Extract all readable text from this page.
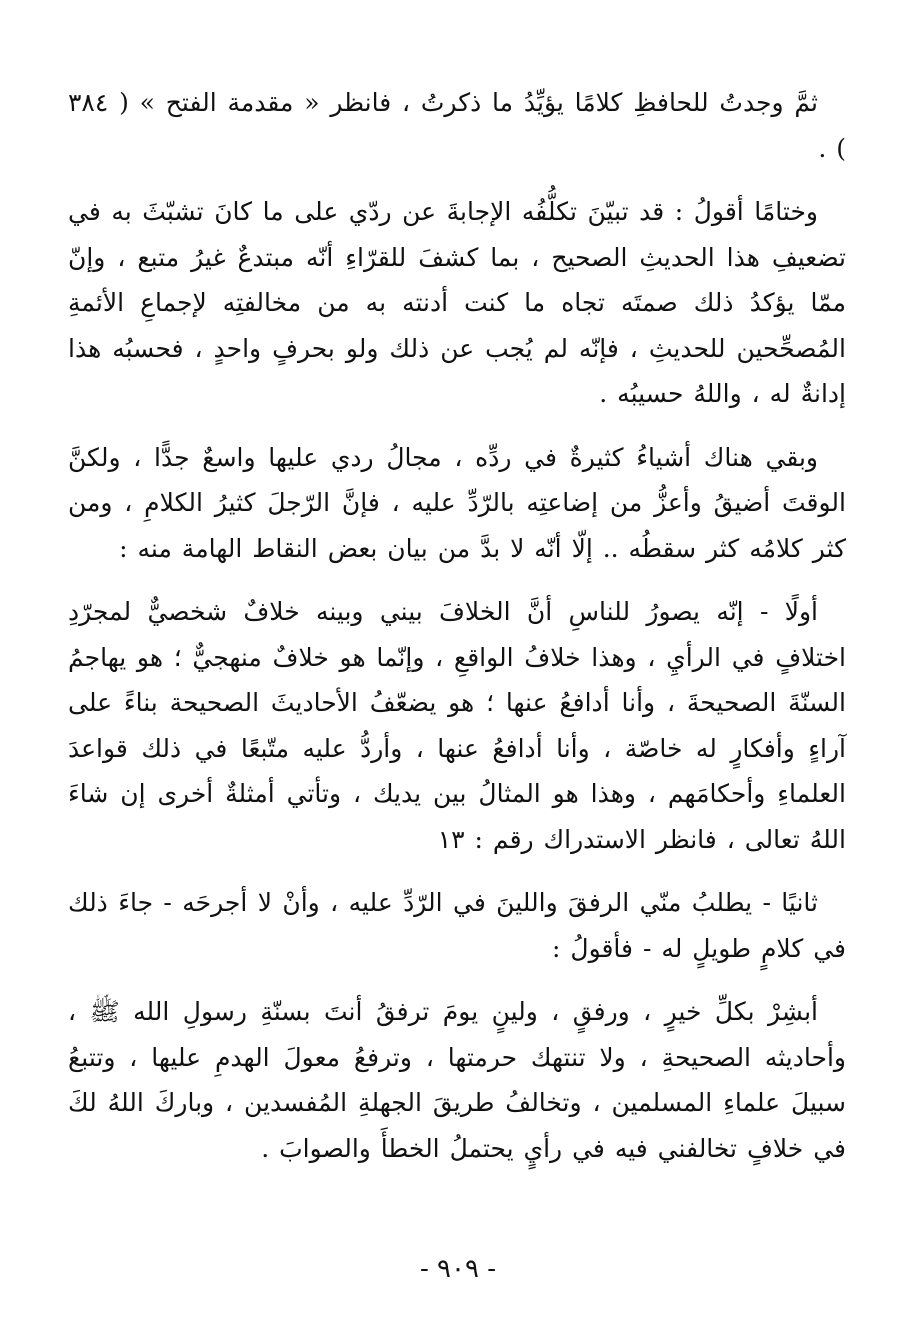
ثمَّ وجدتُ للحافظِ كلامًا يؤيِّدُ ما ذكرتُ ، فانظر « مقدمة الفتح » ( ٣٨٤ ) .

وختامًا أقولُ : قد تبيّنَ تكلُّفُه الإجابةَ عن ردّي على ما كانَ تشبّثَ به في تضعيفِ هذا الحديثِ الصحيح ، بما كشفَ للقرّاءِ أنّه مبتدعٌ غيرُ متبع ، وإنّ ممّا يؤكدُ ذلك صمتَه تجاه ما كنت أدنته به من مخالفتِه لإجماعِ الأئمةِ المُصحِّحين للحديثِ ، فإنّه لم يُجب عن ذلك ولو بحرفٍ واحدٍ ، فحسبُه هذا إدانةٌ له ، واللهُ حسيبُه .

وبقي هناك أشياءُ كثيرةٌ في ردِّه ، مجالُ ردي عليها واسعٌ جدًّا ، ولكنَّ الوقتَ أضيقُ وأعزُّ من إضاعتِه بالرّدِّ عليه ، فإنَّ الرّجلَ كثيرُ الكلامِ ، ومن كثر كلامُه كثر سقطُه .. إلّا أنّه لا بدَّ من بيان بعض النقاط الهامة منه :

أولًا - إنّه يصورُ للناسِ أنَّ الخلافَ بيني وبينه خلافٌ شخصيٌّ لمجرّدِ اختلافٍ في الرأيِ ، وهذا خلافُ الواقعِ ، وإنّما هو خلافٌ منهجيٌّ ؛ هو يهاجمُ السنّةَ الصحيحةَ ، وأنا أدافعُ عنها ؛ هو يضعّفُ الأحاديثَ الصحيحة بناءً على آراءٍ وأفكارٍ له خاصّة ، وأنا أدافعُ عنها ، وأردُّ عليه متّبعًا في ذلك قواعدَ العلماءِ وأحكامَهم ، وهذا هو المثالُ بين يديك ، وتأتي أمثلةٌ أخرى إن شاءَ اللهُ تعالى ، فانظر الاستدراك رقم : ١٣

ثانيًا - يطلبُ منّي الرفقَ واللينَ في الرّدِّ عليه ، وأنْ لا أجرحَه - جاءَ ذلك في كلامٍ طويلٍ له - فأقولُ :

أبشِرْ بكلِّ خيرٍ ، ورفقٍ ، ولينٍ يومَ ترفقُ أنتَ بسنّةِ رسولِ الله ﷺ ، وأحاديثه الصحيحةِ ، ولا تنتهك حرمتها ، وترفعُ معولَ الهدمِ عليها ، وتتبعُ سبيلَ علماءِ المسلمين ، وتخالفُ طريقَ الجهلةِ المُفسدين ، وباركَ اللهُ لكَ في خلافٍ تخالفني فيه في رأيٍ يحتملُ الخطأَ والصوابَ .

- ٩٠٩ -
